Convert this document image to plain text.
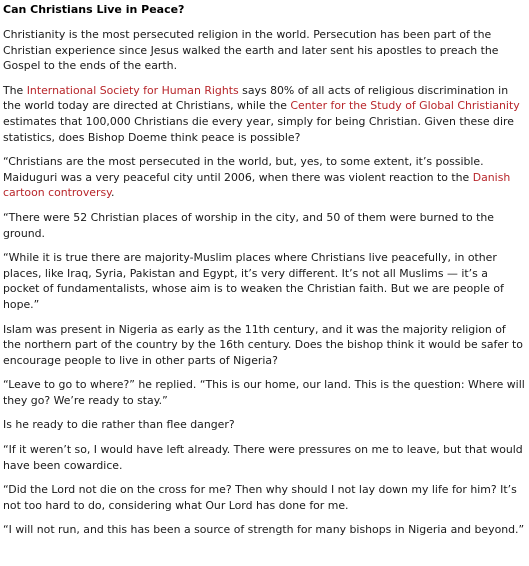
Can Christians Live in Peace?

Christianity is the most persecuted religion in the world. Persecution has been part of the Christian experience since Jesus walked the earth and later sent his apostles to preach the Gospel to the ends of the earth.

The International Society for Human Rights says 80% of all acts of religious discrimination in the world today are directed at Christians, while the Center for the Study of Global Christianity estimates that 100,000 Christians die every year, simply for being Christian. Given these dire statistics, does Bishop Doeme think peace is possible?

“Christians are the most persecuted in the world, but, yes, to some extent, it’s possible. Maiduguri was a very peaceful city until 2006, when there was violent reaction to the Danish cartoon controversy.

“There were 52 Christian places of worship in the city, and 50 of them were burned to the ground.

“While it is true there are majority-Muslim places where Christians live peacefully, in other places, like Iraq, Syria, Pakistan and Egypt, it’s very different. It’s not all Muslims — it’s a pocket of fundamentalists, whose aim is to weaken the Christian faith. But we are people of hope.”

Islam was present in Nigeria as early as the 11th century, and it was the majority religion of the northern part of the country by the 16th century. Does the bishop think it would be safer to encourage people to live in other parts of Nigeria?

“Leave to go to where?” he replied. “This is our home, our land. This is the question: Where will they go? We’re ready to stay.”

Is he ready to die rather than flee danger?

“If it weren’t so, I would have left already. There were pressures on me to leave, but that would have been cowardice.

“Did the Lord not die on the cross for me? Then why should I not lay down my life for him? It’s not too hard to do, considering what Our Lord has done for me.

“I will not run, and this has been a source of strength for many bishops in Nigeria and beyond.”
